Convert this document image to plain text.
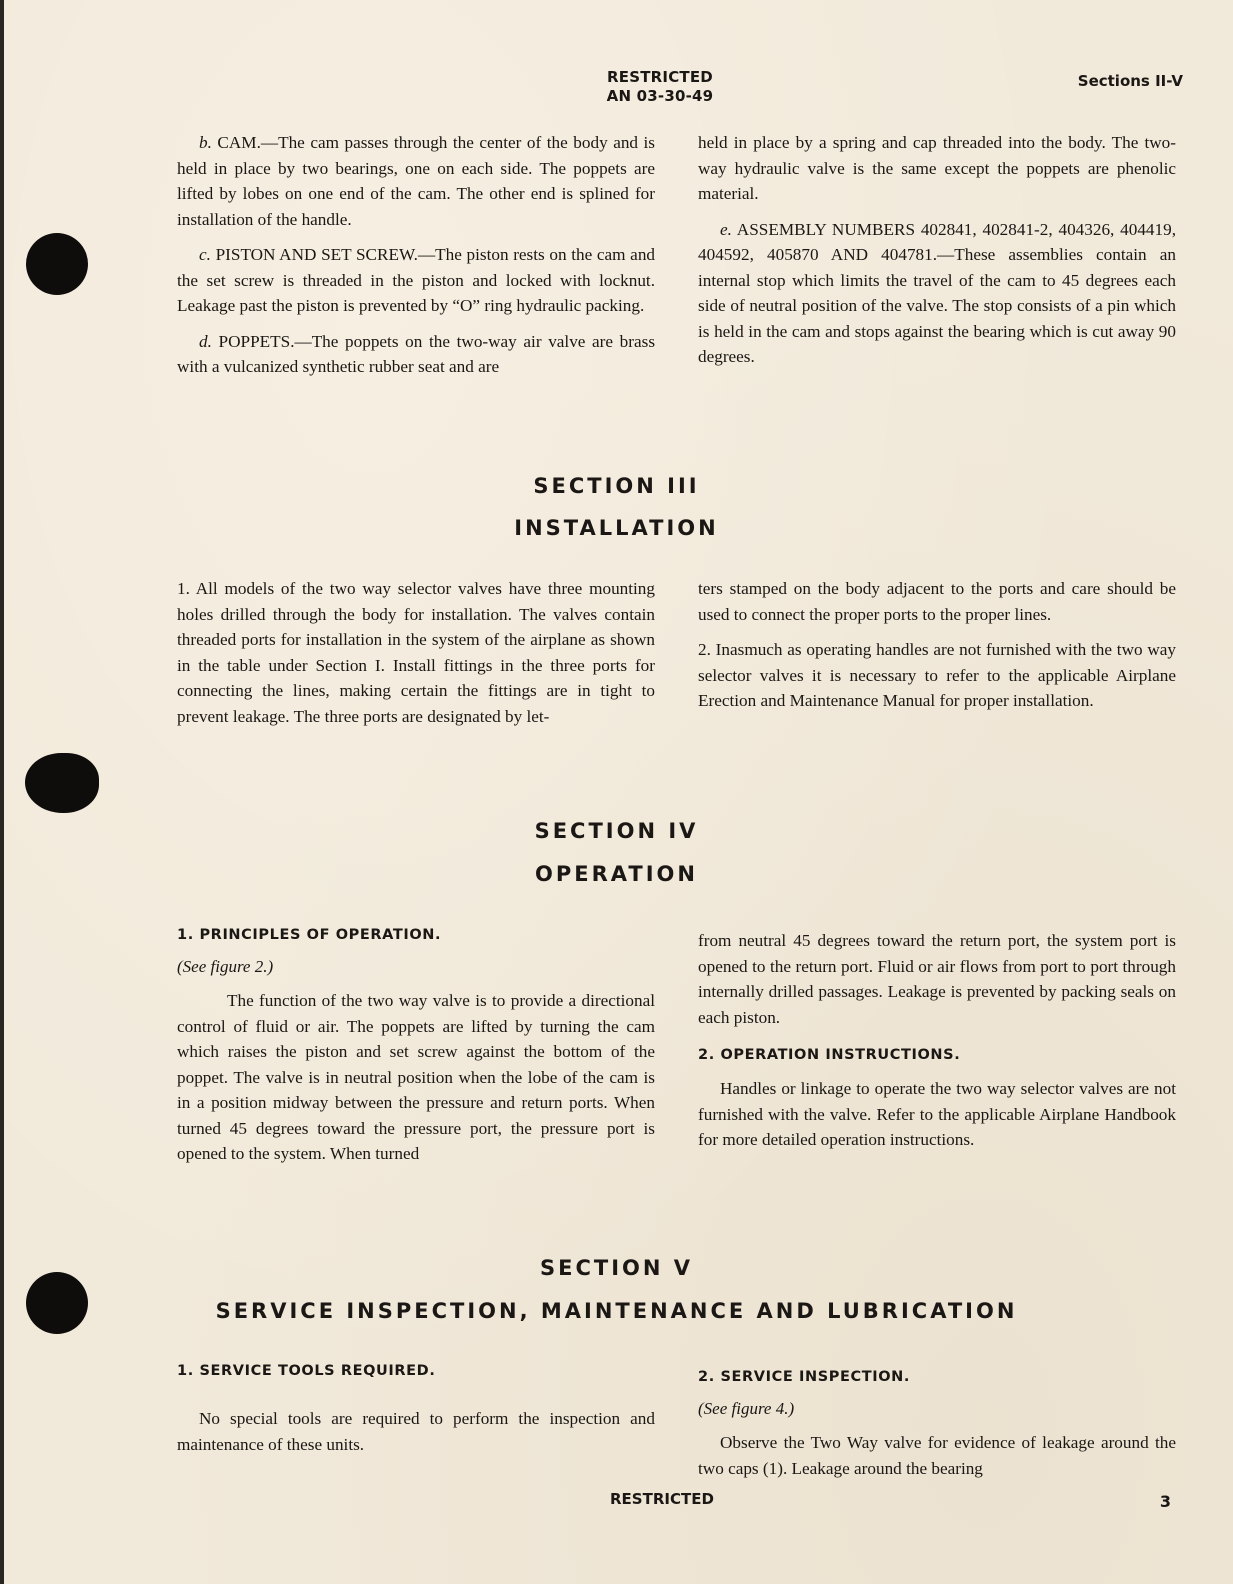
RESTRICTED
AN 03-30-49
Sections II-V

b. CAM.—The cam passes through the center of the body and is held in place by two bearings, one on each side. The poppets are lifted by lobes on one end of the cam. The other end is splined for installation of the handle.

c. PISTON AND SET SCREW.—The piston rests on the cam and the set screw is threaded in the piston and locked with locknut. Leakage past the piston is prevented by “O” ring hydraulic packing.

d. POPPETS.—The poppets on the two-way air valve are brass with a vulcanized synthetic rubber seat and are

held in place by a spring and cap threaded into the body. The two-way hydraulic valve is the same except the poppets are phenolic material.

e. ASSEMBLY NUMBERS 402841, 402841-2, 404326, 404419, 404592, 405870 AND 404781.—These assemblies contain an internal stop which limits the travel of the cam to 45 degrees each side of neutral position of the valve. The stop consists of a pin which is held in the cam and stops against the bearing which is cut away 90 degrees.

SECTION III
INSTALLATION

1. All models of the two way selector valves have three mounting holes drilled through the body for installation. The valves contain threaded ports for installation in the system of the airplane as shown in the table under Section I. Install fittings in the three ports for connecting the lines, making certain the fittings are in tight to prevent leakage. The three ports are designated by let-

ters stamped on the body adjacent to the ports and care should be used to connect the proper ports to the proper lines.

2. Inasmuch as operating handles are not furnished with the two way selector valves it is necessary to refer to the applicable Airplane Erection and Maintenance Manual for proper installation.

SECTION IV
OPERATION

1. PRINCIPLES OF OPERATION.

(See figure 2.)

The function of the two way valve is to provide a directional control of fluid or air. The poppets are lifted by turning the cam which raises the piston and set screw against the bottom of the poppet. The valve is in neutral position when the lobe of the cam is in a position midway between the pressure and return ports. When turned 45 degrees toward the pressure port, the pressure port is opened to the system. When turned

from neutral 45 degrees toward the return port, the system port is opened to the return port. Fluid or air flows from port to port through internally drilled passages. Leakage is prevented by packing seals on each piston.

2. OPERATION INSTRUCTIONS.

Handles or linkage to operate the two way selector valves are not furnished with the valve. Refer to the applicable Airplane Handbook for more detailed operation instructions.

SECTION V
SERVICE INSPECTION, MAINTENANCE AND LUBRICATION

1. SERVICE TOOLS REQUIRED.

No special tools are required to perform the inspection and maintenance of these units.

2. SERVICE INSPECTION.

(See figure 4.)

Observe the Two Way valve for evidence of leakage around the two caps (1). Leakage around the bearing

RESTRICTED	3
